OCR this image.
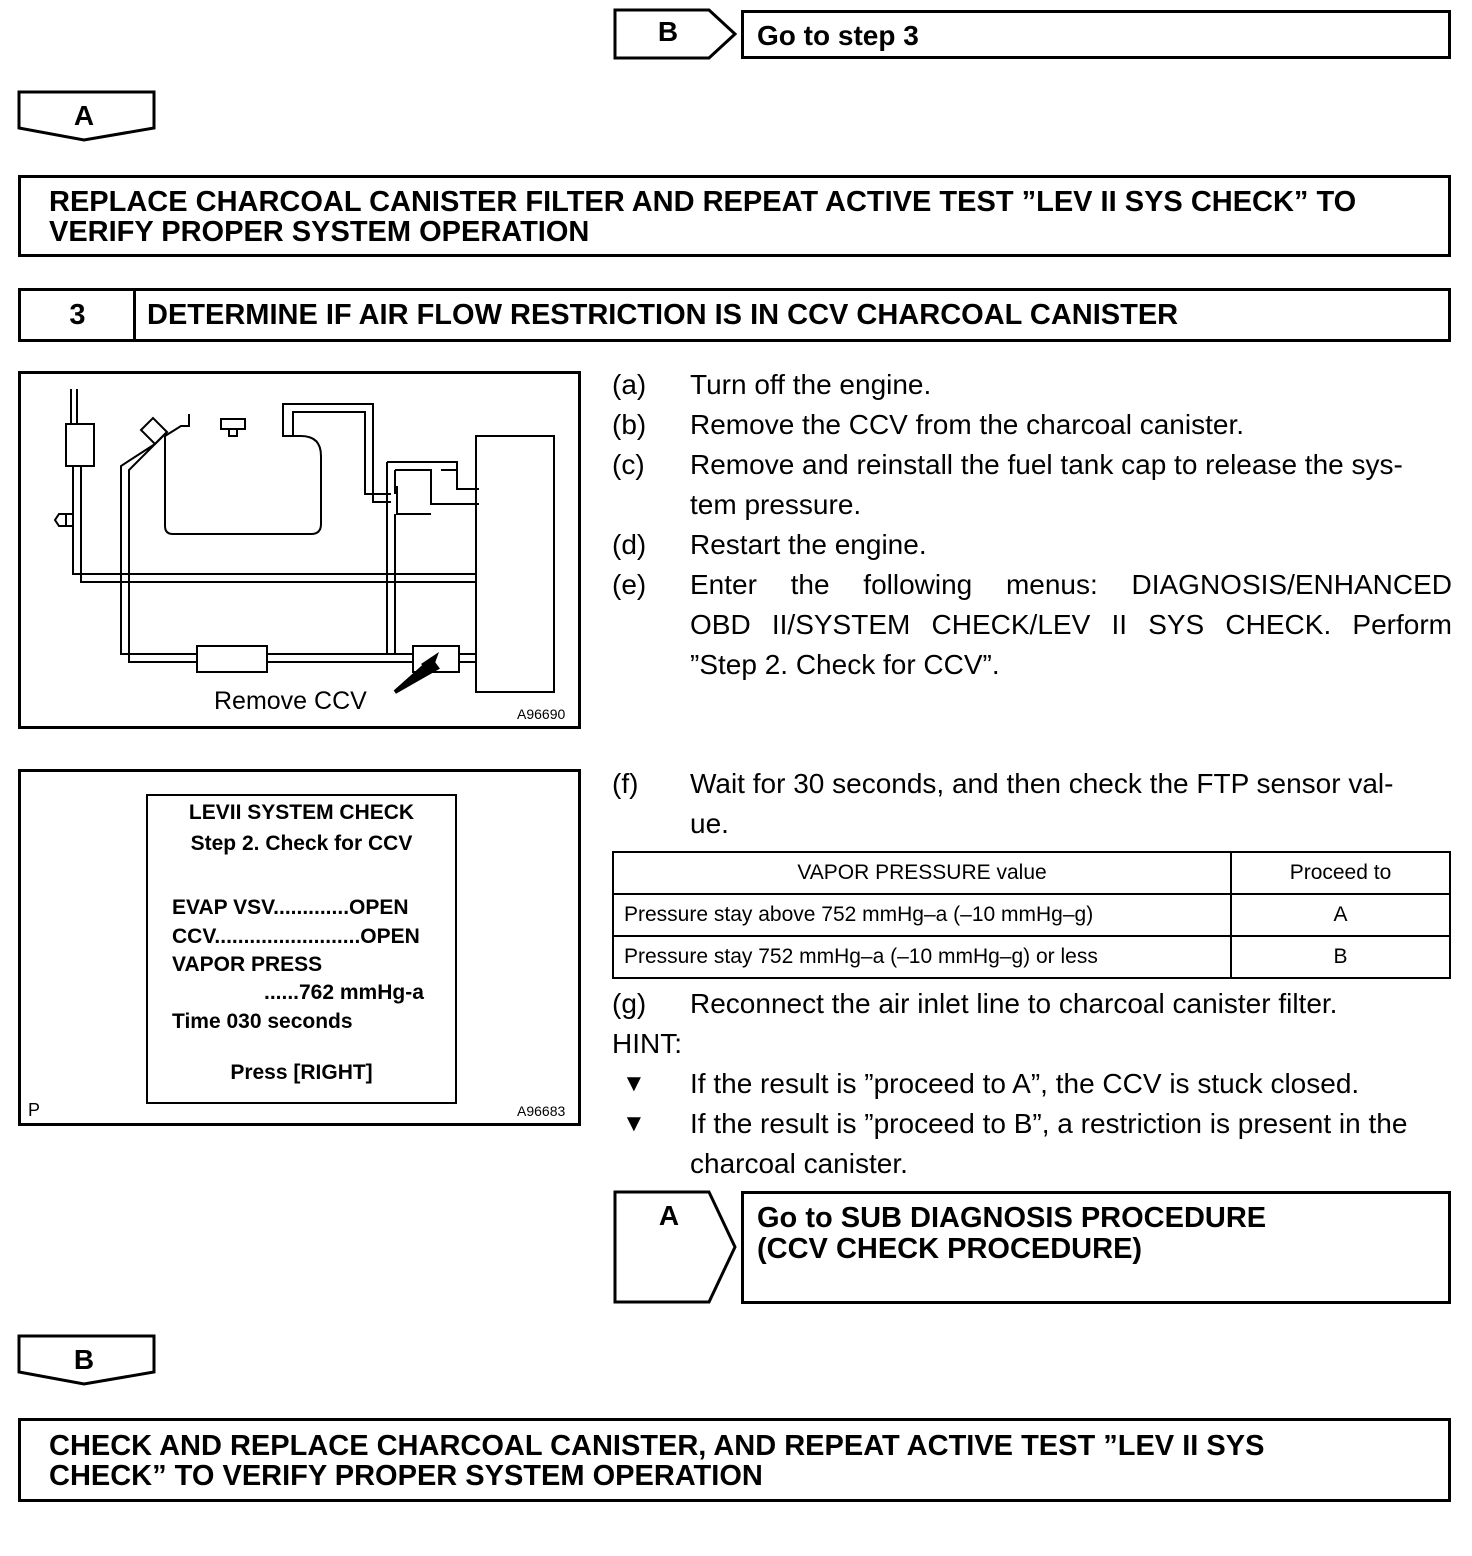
B	Go to step 3
A
REPLACE CHARCOAL CANISTER FILTER AND REPEAT ACTIVE TEST ”LEV II SYS CHECK” TO
VERIFY PROPER SYSTEM OPERATION
3	DETERMINE IF AIR FLOW RESTRICTION IS IN CCV CHARCOAL CANISTER
Remove CCV	A96690
LEVII SYSTEM CHECK
Step 2. Check for CCV
EVAP VSV.............OPEN
CCV.........................OPEN
VAPOR PRESS
......762 mmHg-a
Time 030 seconds
Press [RIGHT]
P	A96683
(a) Turn off the engine.
(b) Remove the CCV from the charcoal canister.
(c) Remove and reinstall the fuel tank cap to release the sys-
tem pressure.
(d) Restart the engine.
(e) Enter the following menus: DIAGNOSIS/ENHANCED
OBD II/SYSTEM CHECK/LEV II SYS CHECK. Perform
”Step 2. Check for CCV”.
(f) Wait for 30 seconds, and then check the FTP sensor val-
ue.
VAPOR PRESSURE value	Proceed to
Pressure stay above 752 mmHg–a (–10 mmHg–g)	A
Pressure stay 752 mmHg–a (–10 mmHg–g) or less	B
(g) Reconnect the air inlet line to charcoal canister filter.
HINT:
▼ If the result is ”proceed to A”, the CCV is stuck closed.
▼ If the result is ”proceed to B”, a restriction is present in the
charcoal canister.
A	Go to SUB DIAGNOSIS PROCEDURE
(CCV CHECK PROCEDURE)
B
CHECK AND REPLACE CHARCOAL CANISTER, AND REPEAT ACTIVE TEST ”LEV II SYS
CHECK” TO VERIFY PROPER SYSTEM OPERATION
